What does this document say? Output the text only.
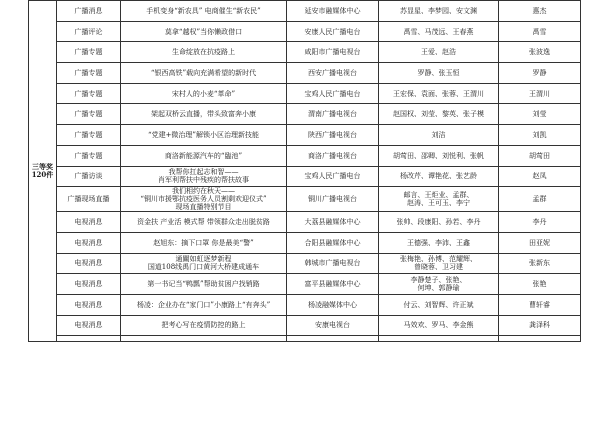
三等奖
120件	广播消息	手机变身“新农具” 电商催生“新农民”	延安市融媒体中心	苏显星、李梦园、安文渊	惠杰
	广播评论	莫拿“越权”当你懒政借口	安康人民广播电台	禹雪、马茂远、王春燕	禹雪
	广播专题	生命绽放在抗疫路上	咸阳市广播电视台	王爱、赵浩	张波逸
	广播专题	“银西高铁”载向充满希望的新时代	西安广播电视台	罗静、张玉恒	罗静
	广播专题	宋村人的小麦“革命”	宝鸡人民广播电台	王宏保、袁面、张蓉、王渭川	王渭川
	广播专题	架起双桥云直播，带头致富奔小康	渭南广播电视台	赵国权、刘莹、黎英、张子模	刘莹
	广播专题	“党建+微治理”解锁小区治理新技能	陕西广播电视台	刘洁	刘凯
	广播专题	商洛新能源汽车的“臨池”	商洛广播电视台	胡莺田、邵卿、刘悦利、张帆	胡莺田
	广播访谈	我帮你扛起志和智——
肖军利帮扶中残疾的帮扶故事	宝鸡人民广播电台	杨改芹、谭艳花、张艺龄	赵凤
	广播现场直播	我们相约在秋天——
“铜川市援鄂抗疫医务人员割剩欢迎仪式”
现场直播特别节目	铜川广播电视台	邮言、王炬业、孟群、
赵涛、王可玉、李宁	孟群
	电视消息	资金扶 产业活 模式帮 带领群众走出脱贫路	大荔县融媒体中心	张帅、段康阳、孙若、李丹	李丹
	电视消息	赵旭东：摘下口罩 你是最美“警”	合阳县融媒体中心	王德强、李沛、王鑫	田亚妮
	电视消息	通關如虹逐梦新程
国道108线禹门口黄河大桥建成通车	韩城市广播电视台	张梅艳、孙博、范耀辉、
曾晓蓉、卫习建	张新东
	电视消息	第一书记当“鸭瓢”帮助贫困户找销路	富平县融媒体中心	李静楚子、张艳、
何坤、郭静瑜	张艳
	电视消息	杨凌：企业办在“家门口”小康路上“有奔头”	杨凌融媒体中心	付云、刘智辉、许正斌	曹轩睿
	电视消息	把考心写在疫情防控的路上	安康电视台	马效欢、罗马、李金熊	龚泽科
